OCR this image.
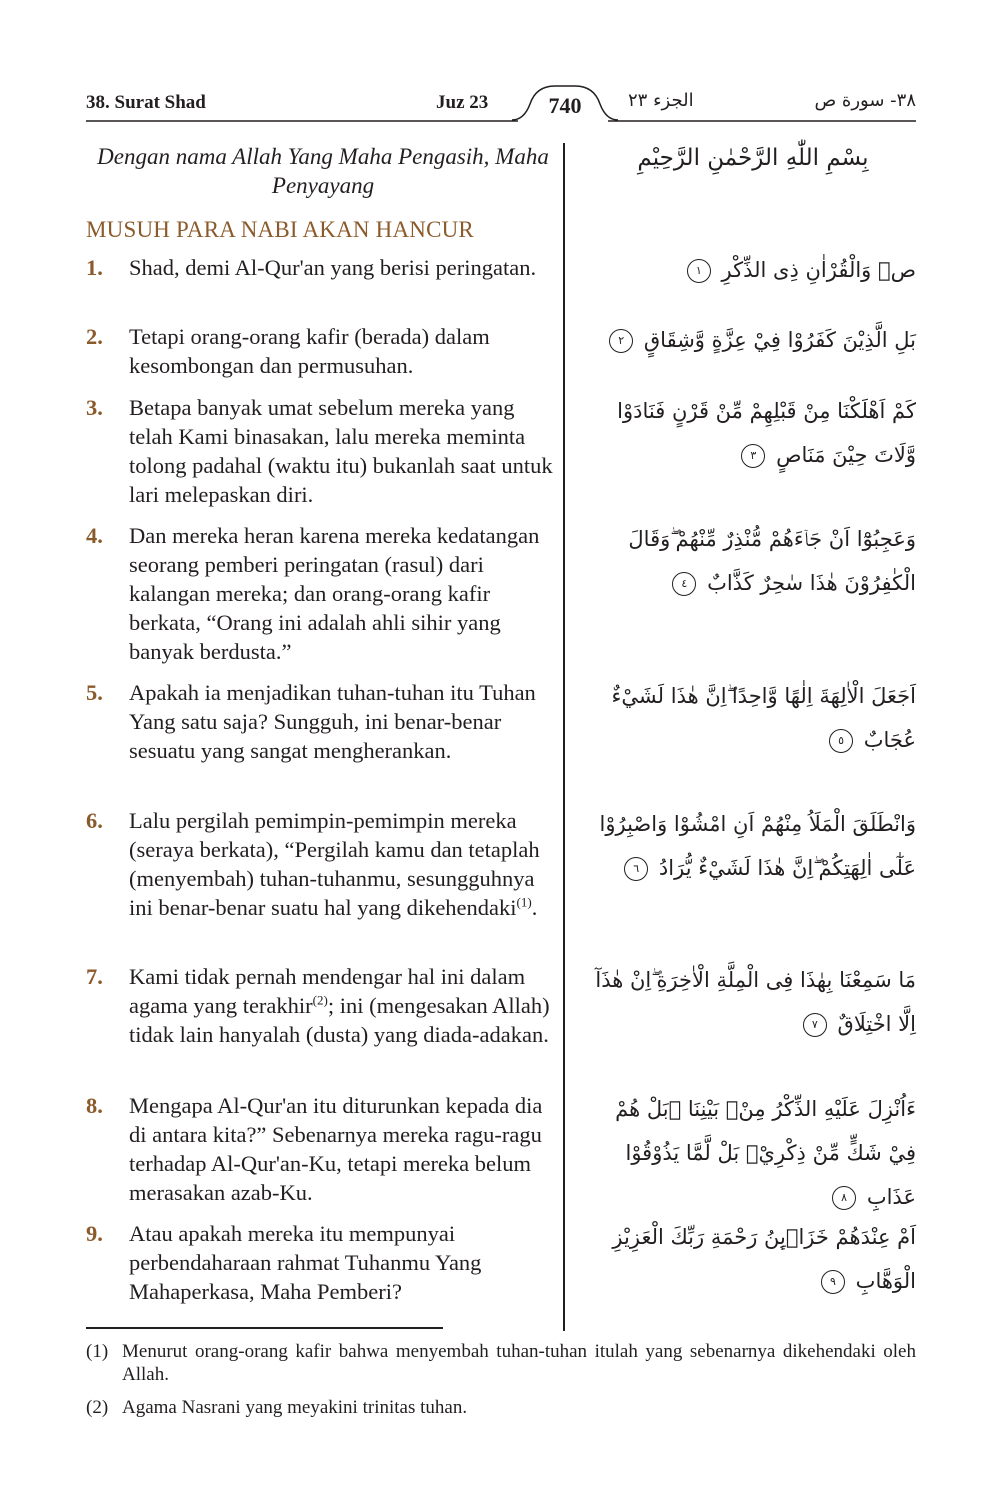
38. Surat Shad	Juz 23	740	الجزء ٢٣	٣٨- سورة ص
Dengan nama Allah Yang Maha Pengasih, Maha Penyayang
بِسْمِ اللّٰهِ الرَّحْمٰنِ الرَّحِيْمِ
MUSUH PARA NABI AKAN HANCUR
1. Shad, demi Al-Qur'an yang berisi peringatan.
2. Tetapi orang-orang kafir (berada) dalam kesombongan dan permusuhan.
3. Betapa banyak umat sebelum mereka yang telah Kami binasakan, lalu mereka meminta tolong padahal (waktu itu) bukanlah saat untuk lari melepaskan diri.
4. Dan mereka heran karena mereka kedatangan seorang pemberi peringatan (rasul) dari kalangan mereka; dan orang-orang kafir berkata, “Orang ini adalah ahli sihir yang banyak berdusta.”
5. Apakah ia menjadikan tuhan-tuhan itu Tuhan Yang satu saja? Sungguh, ini benar-benar sesuatu yang sangat mengherankan.
6. Lalu pergilah pemimpin-pemimpin mereka (seraya berkata), “Pergilah kamu dan tetaplah (menyembah) tuhan-tuhanmu, sesungguhnya ini benar-benar suatu hal yang dikehendaki$^{(1)}$.
7. Kami tidak pernah mendengar hal ini dalam agama yang terakhir$^{(2)}$; ini (mengesakan Allah) tidak lain hanyalah (dusta) yang diada-adakan.
8. Mengapa Al-Qur'an itu diturunkan kepada dia di antara kita?” Sebenarnya mereka ragu-ragu terhadap Al-Qur'an-Ku, tetapi mereka belum merasakan azab-Ku.
9. Atau apakah mereka itu mempunyai perbendaharaan rahmat Tuhanmu Yang Mahaperkasa, Maha Pemberi?
صۤ وَالْقُرْاٰنِ ذِى الذِّكْرِ ١
بَلِ الَّذِيْنَ كَفَرُوْا فِيْ عِزَّةٍ وَّشِقَاقٍ ٢
كَمْ اَهْلَكْنَا مِنْ قَبْلِهِمْ مِّنْ قَرْنٍ فَنَادَوْا وَّلَاتَ حِيْنَ مَنَاصٍ ٣
وَعَجِبُوْٓا اَنْ جَاۤءَهُمْ مُّنْذِرٌ مِّنْهُمْ ۖوَقَالَ الْكٰفِرُوْنَ هٰذَا سٰحِرٌ كَذَّابٌ ٤
اَجَعَلَ الْاٰلِهَةَ اِلٰهًا وَّاحِدًا ۖاِنَّ هٰذَا لَشَيْءٌ عُجَابٌ ٥
وَانْطَلَقَ الْمَلَاُ مِنْهُمْ اَنِ امْشُوْا وَاصْبِرُوْا عَلٰٓى اٰلِهَتِكُمْ ۖاِنَّ هٰذَا لَشَيْءٌ يُّرَادُ ٦
مَا سَمِعْنَا بِهٰذَا فِى الْمِلَّةِ الْاٰخِرَةِ ۖاِنْ هٰذَآ اِلَّا اخْتِلَاقٌ ٧
ءَاُنْزِلَ عَلَيْهِ الذِّكْرُ مِنْۢ بَيْنِنَا ۗبَلْ هُمْ فِيْ شَكٍّ مِّنْ ذِكْرِيْۚ بَلْ لَّمَّا يَذُوْقُوْا عَذَابِ ٨
اَمْ عِنْدَهُمْ خَزَاۤىِٕنُ رَحْمَةِ رَبِّكَ الْعَزِيْزِ الْوَهَّابِ ٩
(1) Menurut orang-orang kafir bahwa menyembah tuhan-tuhan itulah yang sebenarnya dikehendaki oleh Allah.
(2) Agama Nasrani yang meyakini trinitas tuhan.
